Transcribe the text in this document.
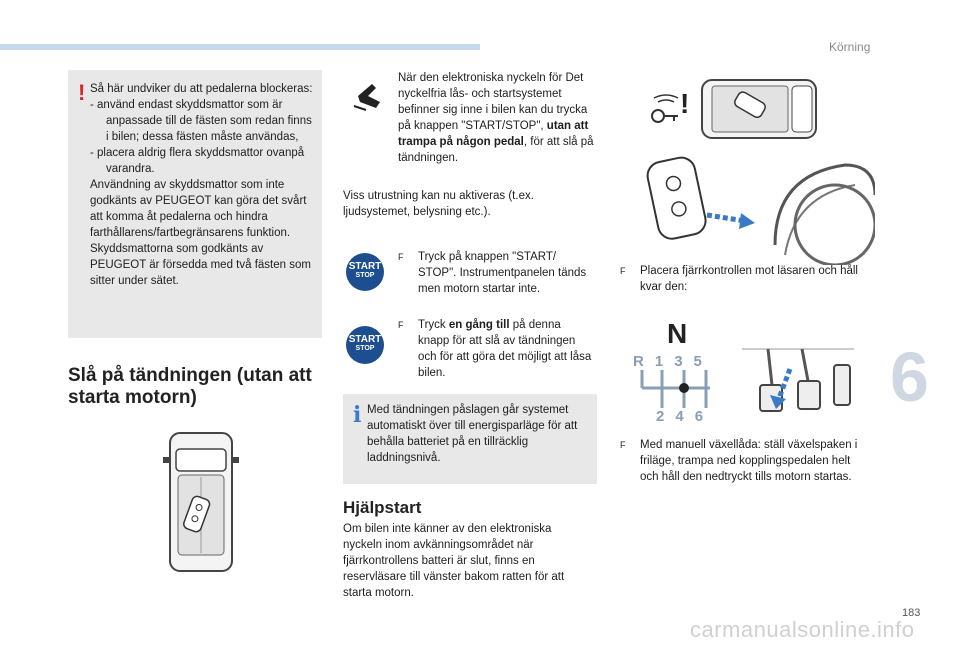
Körning
6
! Så här undviker du att pedalerna blockeras:

- använd endast skyddsmattor som är anpassade till de fästen som redan finns i bilen; dessa fästen måste användas,

- placera aldrig flera skyddsmattor ovanpå varandra.

Användning av skyddsmattor som inte godkänts av PEUGEOT kan göra det svårt att komma åt pedalerna och hindra farthållarens/fartbegränsarens funktion. Skyddsmattorna som godkänts av PEUGEOT är försedda med två fästen som sitter under sätet.

Slå på tändningen (utan att starta motorn)
När den elektroniska nyckeln för Det nyckelfria lås- och startsystemet befinner sig inne i bilen kan du trycka på knappen "START/STOP", utan att trampa på någon pedal, för att slå på tändningen.
Viss utrustning kan nu aktiveras (t.ex. ljudsystemet, belysning etc.).
START
STOP
F	Tryck på knappen "START/ STOP". Instrumentpanelen tänds men motorn startar inte.
START
STOP
F	Tryck en gång till på denna knapp för att slå av tändningen och för att göra det möjligt att låsa bilen.
i Med tändningen påslagen går systemet automatiskt över till energisparläge för att behålla batteriet på en tillräcklig laddningsnivå.
Hjälpstart
Om bilen inte känner av den elektroniska nyckeln inom avkänningsområdet när fjärrkontrollens batteri är slut, finns en reservläsare till vänster bakom ratten för att starta motorn.
!
F	Placera fjärrkontrollen mot läsaren och håll kvar den:
N
R135
246
F	Med manuell växellåda: ställ växelspaken i friläge, trampa ned kopplingspedalen helt och håll den nedtryckt tills motorn startas.
183
carmanualsonline.info
